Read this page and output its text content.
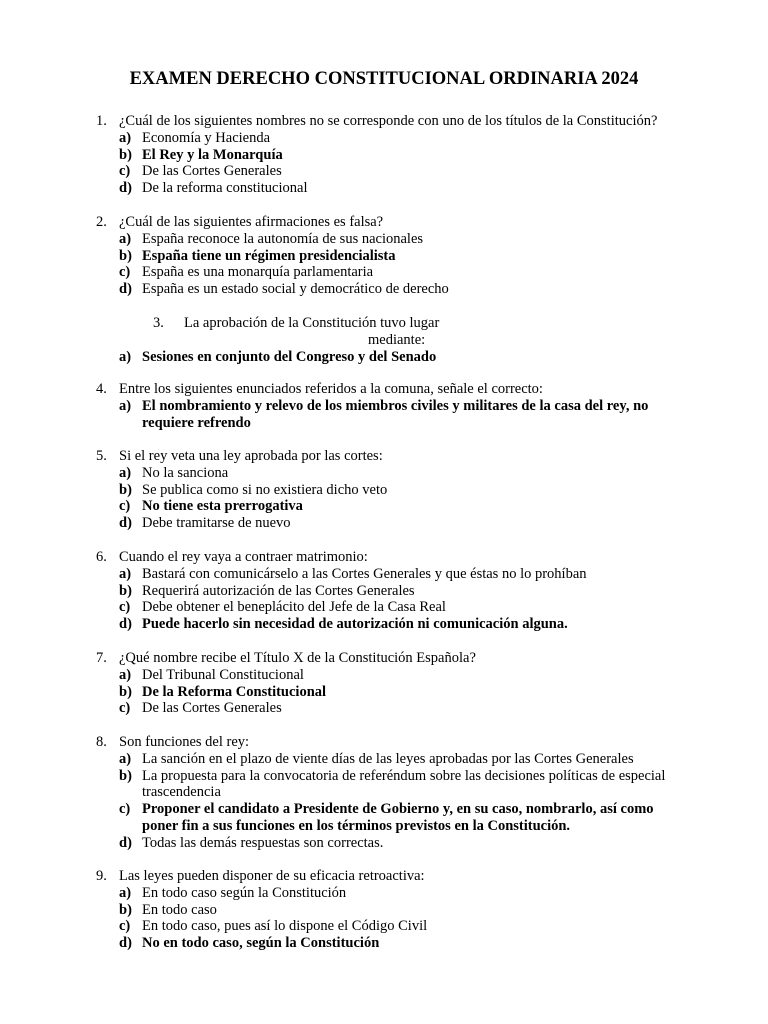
EXAMEN DERECHO CONSTITUCIONAL ORDINARIA 2024
1. ¿Cuál de los siguientes nombres no se corresponde con uno de los títulos de la Constitución?
a) Economía y Hacienda
b) El Rey y la Monarquía
c) De las Cortes Generales
d) De la reforma constitucional
2. ¿Cuál de las siguientes afirmaciones es falsa?
a) España reconoce la autonomía de sus nacionales
b) España tiene un régimen presidencialista
c) España es una monarquía parlamentaria
d) España es un estado social y democrático de derecho
3. La aprobación de la Constitución tuvo lugar
mediante:
a) Sesiones en conjunto del Congreso y del Senado
4. Entre los siguientes enunciados referidos a la comuna, señale el correcto:
a) El nombramiento y relevo de los miembros civiles y militares de la casa del rey, no requiere refrendo
5. Si el rey veta una ley aprobada por las cortes:
a) No la sanciona
b) Se publica como si no existiera dicho veto
c) No tiene esta prerrogativa
d) Debe tramitarse de nuevo
6. Cuando el rey vaya a contraer matrimonio:
a) Bastará con comunicárselo a las Cortes Generales y que éstas no lo prohíban
b) Requerirá autorización de las Cortes Generales
c) Debe obtener el beneplácito del Jefe de la Casa Real
d) Puede hacerlo sin necesidad de autorización ni comunicación alguna.
7. ¿Qué nombre recibe el Título X de la Constitución Española?
a) Del Tribunal Constitucional
b) De la Reforma Constitucional
c) De las Cortes Generales
8. Son funciones del rey:
a) La sanción en el plazo de viente días de las leyes aprobadas por las Cortes Generales
b) La propuesta para la convocatoria de referéndum sobre las decisiones políticas de especial trascendencia
c) Proponer el candidato a Presidente de Gobierno y, en su caso, nombrarlo, así como poner fin a sus funciones en los términos previstos en la Constitución.
d) Todas las demás respuestas son correctas.
9. Las leyes pueden disponer de su eficacia retroactiva:
a) En todo caso según la Constitución
b) En todo caso
c) En todo caso, pues así lo dispone el Código Civil
d) No en todo caso, según la Constitución
